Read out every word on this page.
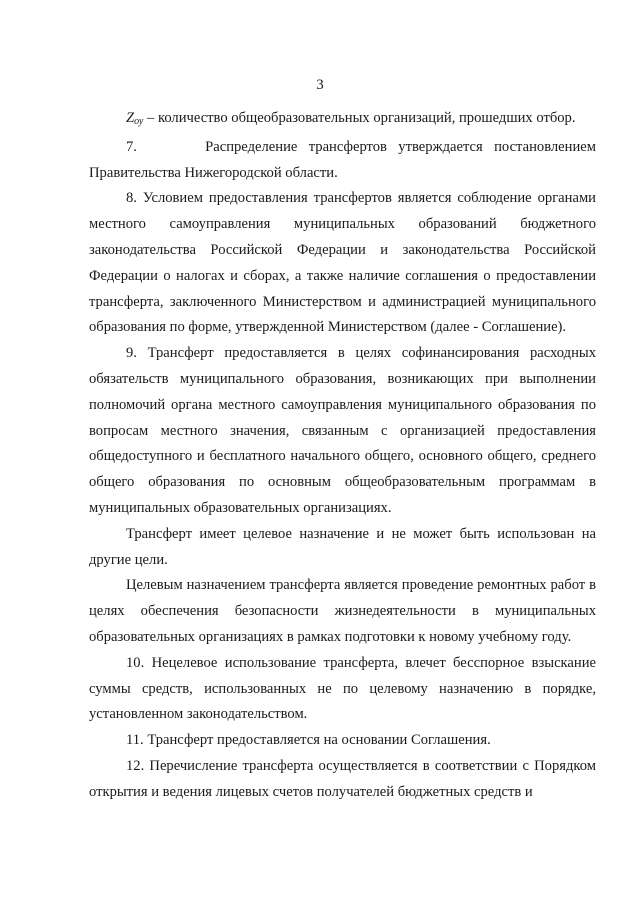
3

Zоу – количество общеобразовательных организаций, прошедших отбор.

7.      Распределение трансфертов утверждается постановлением Правительства Нижегородской области.

8. Условием предоставления трансфертов является соблюдение органами местного самоуправления муниципальных образований бюджетного законодательства Российской Федерации и законодательства Российской Федерации о налогах и сборах, а также наличие соглашения о предоставлении трансферта, заключенного Министерством и администрацией муниципального образования по форме, утвержденной Министерством (далее - Соглашение).

9. Трансферт предоставляется в целях софинансирования расходных обязательств муниципального образования, возникающих при выполнении полномочий органа местного самоуправления муниципального образования по вопросам местного значения, связанным с организацией предоставления общедоступного и бесплатного начального общего, основного общего, среднего общего образования по основным общеобразовательным программам в муниципальных образовательных организациях.

Трансферт имеет целевое назначение и не может быть использован на другие цели.

Целевым назначением трансферта является проведение ремонтных работ в целях обеспечения безопасности жизнедеятельности в муниципальных образовательных организациях в рамках подготовки к новому учебному году.

10. Нецелевое использование трансферта, влечет бесспорное взыскание суммы средств, использованных не по целевому назначению в порядке, установленном законодательством.

11. Трансферт предоставляется на основании Соглашения.

12. Перечисление трансферта осуществляется в соответствии с Порядком открытия и ведения лицевых счетов получателей бюджетных средств и
